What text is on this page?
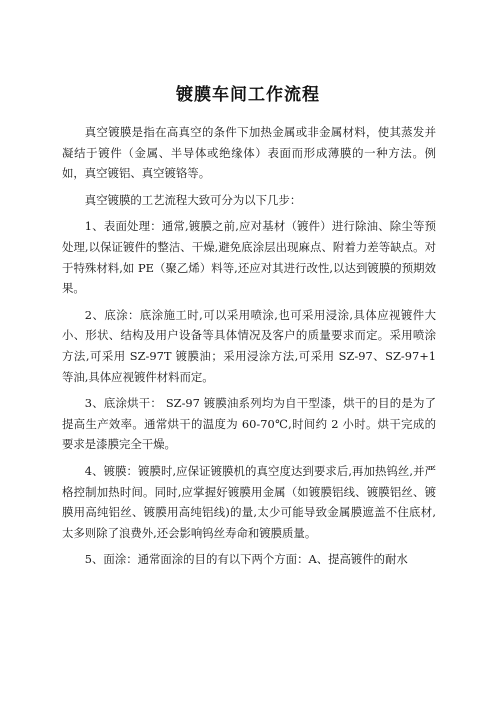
镀膜车间工作流程

真空镀膜是指在高真空的条件下加热金属或非金属材料，使其蒸发并凝结于镀件（金属、半导体或绝缘体）表面而形成薄膜的一种方法。例如，真空镀铝、真空镀铬等。

真空镀膜的工艺流程大致可分为以下几步：

1、表面处理：通常,镀膜之前,应对基材（镀件）进行除油、除尘等预处理,以保证镀件的整洁、干燥,避免底涂层出现麻点、附着力差等缺点。对于特殊材料,如 PE（聚乙烯）料等,还应对其进行改性,以达到镀膜的预期效果。

2、底涂：底涂施工时,可以采用喷涂,也可采用浸涂,具体应视镀件大小、形状、结构及用户设备等具体情况及客户的质量要求而定。采用喷涂方法,可采用 SZ-97T 镀膜油；采用浸涂方法,可采用 SZ-97、SZ-97+1 等油,具体应视镀件材料而定。

3、底涂烘干： SZ-97 镀膜油系列均为自干型漆，烘干的目的是为了提高生产效率。通常烘干的温度为 60-70℃,时间约 2 小时。烘干完成的要求是漆膜完全干燥。

4、镀膜：镀膜时,应保证镀膜机的真空度达到要求后,再加热钨丝,并严格控制加热时间。同时,应掌握好镀膜用金属（如镀膜铝线、镀膜铝丝、镀膜用高纯铝丝、镀膜用高纯铝线)的量,太少可能导致金属膜遮盖不住底材,太多则除了浪费外,还会影响钨丝寿命和镀膜质量。

5、面涂：通常面涂的目的有以下两个方面：A、提高镀件的耐水
